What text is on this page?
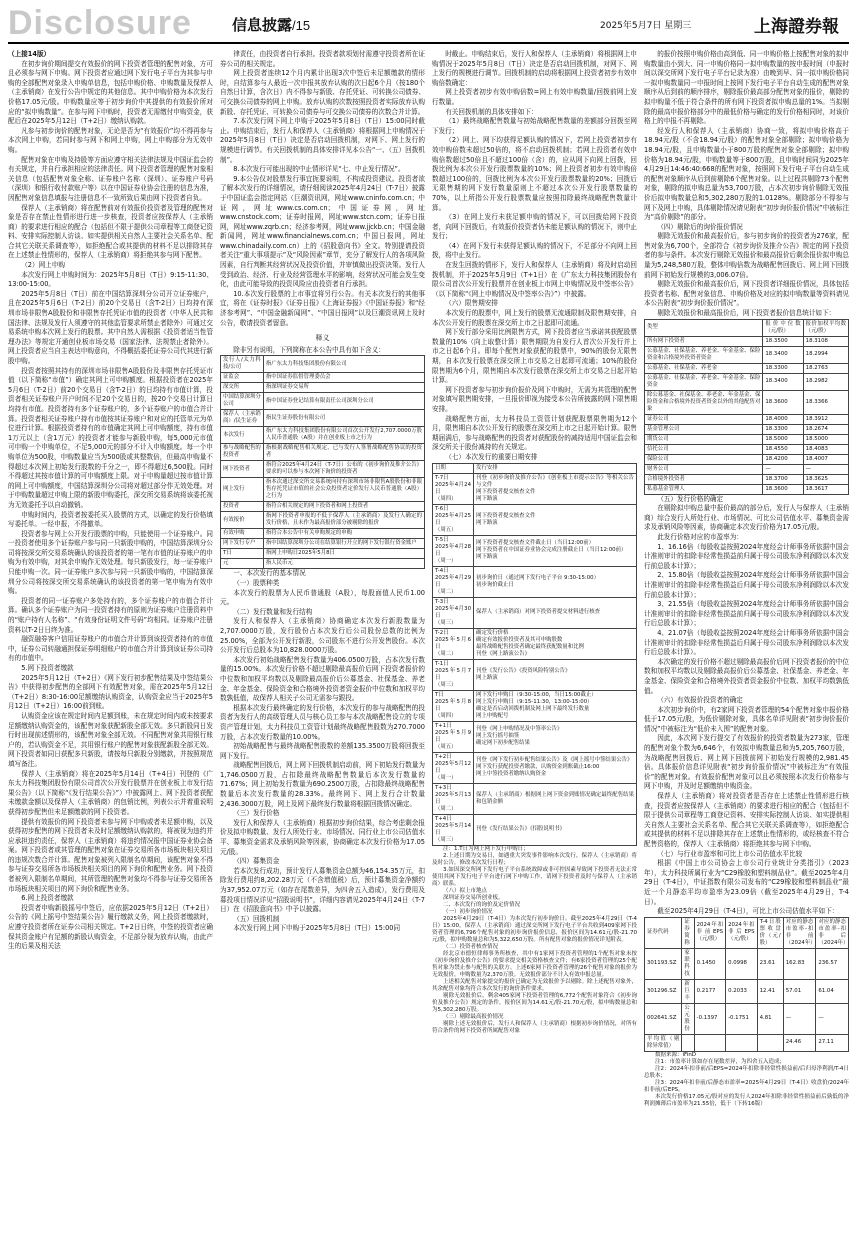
Disclosure	信息披露/15	2025年5月7日 星期三	上海證券報

（上接14版）

在初步询价期间提交有效报价的网下投资者管理的配售对象，方可且必须参与网下申购。网下投资者应通过网下发行电子平台为其参与申购的全部配售对象录入申购单信息，包括申购价格、申购数量及保荐人（主承销商）在发行公告中规定的其他信息。其中申购价格为本次发行价格17.05元/股。申购数量应等于初步询价中其提供的有效报价所对应的“拟申购数量”。在参与网下申购时，投资者无需缴付申购资金，获配后在2025年5月12日（T+2日）缴纳认购款。

凡参与初步询价的配售对象，无论是否为“有效报价”均不得再参与本次网上申购，若同时参与网下和网上申购，网上申购部分为无效申购。

配售对象在申购及持股等方面应遵守相关法律法规及中国证监会的有关规定，并自行承担相应的法律责任。网下投资者管理的配售对象相关信息（包括配售对象全称、证券账户名称（深圳）、证券账户号码（深圳）和银行收付款账户等）以在中国证券业协会注册的信息为准，因配售对象信息填报与注册信息不一致所致后果由网下投资者自负。

保荐人（主承销商）将在配售前对有效报价投资者及管理的配售对象是否存在禁止性情形进行进一步核查，投资者应按保荐人（主承销商）的要求进行相应的配合（包括但不限于提供公司章程等工商登记资料、安排实际控制人访谈、如实提供相关自然人主要社会关系名单、配合其它关联关系调查等），如拒绝配合或其提供的材料不足以排除其存在上述禁止性情形的，保荐人（主承销商）将拒绝其参与网下配售。

（2）网上申购

本次发行网上申购时间为：2025年5月8日（T日）9:15-11:30、13:00-15:00。

2025年5月8日（T日）前在中国结算深圳分公司开立证券账户，且在2025年5月6日（T-2日）前20个交易日（含T-2日）日均持有深圳市场非限售A股股份和非限售存托凭证市值的投资者（中华人民共和国法律、法规及发行人须遵守的其他监管要求所禁止者除外）可通过交易系统申购本次网上发行的股票。其中自然人需根据《投资者适当性管理办法》等规定开通创业板市场交易（国家法律、法规禁止者除外）。网上投资者应当自主表达申购意向，不得概括委托证券公司代其进行新股申购。

投资者按照其持有的深圳市场非限售A股股份及非限售存托凭证市值（以下简称“市值”）确定其网上可申购额度。根据投资者在2025年5月6日（T-2日）前20个交易日（含T-2日）的日均持有市值计算，投资者相关证券账户开户时间不足20个交易日的，按20个交易日计算日均持有市值。投资者持有多个证券账户的，多个证券账户的市值合并计算。投资者相关证券账户持有市值按其证券账户和对应的托管单元为单位进行计算。根据投资者持有的市值确定其网上可申购额度，持有市值1万元以上（含1万元）的投资者才能参与新股申购，每5,000元市值可申购一个申购单位，不足5,000元的部分不计入申购额度。每一个申购单位为500股，申购数量应当为500股或其整数倍，但最高申购量不得超过本次网上初始发行股数的千分之一，即不得超过6,500股。同时不得超过其按市值计算的可申购额度上限。对于申购量超过按市值计算的网上可申购额度，中国结算深圳分公司将对超过部分作无效处理。对于申购数量超过申购上限的新股申购委托，深交所交易系统将该委托视为无效委托予以自动撤销。

申购时间内，投资者按委托买入股票的方式，以确定的发行价格填写委托单。一经申报，不得撤单。

投资者参与网上公开发行股票的申购，只能使用一个证券账户。同一投资者使用多个证券账户参与同一只新股申购的，中国结算深圳分公司将按深交所交易系统确认的该投资者的第一笔有市值的证券账户的申购为有效申购，对其余申购作无效处理。每只新股发行，每一证券账户只能申购一次。同一证券账户多次参与同一只新股申购的，中国结算深圳分公司将按深交所交易系统确认的该投资者的第一笔申购为有效申购。

投资者的同一证券账户多处持有的，多个证券账户的市值合并计算。确认多个证券账户为同一投资者持有的原则为证券账户注册资料中的“账户持有人名称”、“有效身份证明文件号码”均相同。证券账户注册资料以T-2日日终为准。

融资融券客户信用证券账户的市值合并计算到该投资者持有的市值中，证券公司转融通担保证券明细账户的市值合并计算到该证券公司持有的市值中。

5.网下投资者缴款

2025年5月12日（T+2日）《网下发行初步配售结果及中签结果公告》中获得初步配售的全部网下有效配售对象，需在2025年5月12日（T+2日）8:30-16:00足额缴纳认购资金，认购资金应当于2025年5月12日（T+2日）16:00前到账。

认购资金应该在规定时间内足额到账，未在规定时间内或未按要求足额缴纳认购资金的，该配售对象获配新股全部无效。多只新股同日发行时出现前述情形的，该配售对象全部无效。不同配售对象共用银行账户的，若认购资金不足，共用银行账户的配售对象获配新股全部无效。网下投资者如同日获配多只新股，请按每只新股分别缴款，并按照规范填写备注。

保荐人（主承销商）将在2025年5月14日（T+4日）刊登的《广东太力科技集团股份有限公司首次公开发行股票并在创业板上市发行结果公告》（以下简称“《发行结果公告》”）中披露网上、网下投资者获配未缴款金额以及保荐人（主承销商）的包销比例，列表公示并着重说明获得初步配售但未足额缴款的网下投资者。

提供有效报价的网下投资者未参与网下申购或者未足额申购，以及获得初步配售的网下投资者未及时足额缴纳认购款的，将被视为违约并应承担违约责任，保荐人（主承销商）将违约情况报中国证券业协会备案。网下投资者或其管理的配售对象在证券交易所各市场板块相关项目的违规次数合并计算。配售对象被列入限制名单期间，该配售对象不得参与证券交易所各市场板块相关项目的网下询价和配售业务。网下投资者被列入限制名单期间，其所管理的配售对象均不得参与证券交易所各市场板块相关项目的网下询价和配售业务。

6.网上投资者缴款

投资者申购新股摇号中签后，应依据2025年5月12日（T+2日）公告的《网上摇号中签结果公告》履行缴款义务，网上投资者缴款时，应遵守投资者所在证券公司相关规定。T+2日日终，中签的投资者应确保其资金账户有足额的新股认购资金，不足部分视为放弃认购，由此产生的后果及相关法

律责任，由投资者自行承担。投资者款项划付需遵守投资者所在证券公司的相关规定。

网上投资者连续12个月内累计出现3次中签后未足额缴款的情形时，自结算参与人最近一次申报其放弃认购的次日起6个月（按180个自然日计算，含次日）内不得参与新股、存托凭证、可转换公司债券、可交换公司债券的网上申购。放弃认购的次数按照投资者实际放弃认购新股、存托凭证、可转换公司债券与可交换公司债券的次数合并计算。

7.本次发行网下网上申购于2025年5月8日（T日）15:00同时截止。申购结束后，发行人和保荐人（主承销商）将根据网上申购情况于2025年5月8日（T日）决定是否启动回拨机制，对网下、网上发行的规模进行调节。有关回拨机制的具体安排详见本公告“一、（五）回拨机制”。

8.本次发行可能出现的中止情形详见“七、中止发行情况”。

9.本公告仅对股票发行事宜扼要说明，不构成投资建议。投资者欲了解本次发行的详细情况，请仔细阅读2025年4月24日（T-7日）披露于中国证监会指定网站（巨潮资讯网，网址www.cninfo.com.cn；中证网，网址www.cs.com.cn；中国证券网，网址www.cnstock.com；证券时报网，网址www.stcn.com；证券日报网，网址www.zqrb.cn；经济参考网，网址www.jjckb.cn；中国金融新闻网，网址www.financialnews.com.cn；中国日报网，网址www.chinadaily.com.cn）上的《招股意向书》全文。特别提请投资者关注“重大事项提示”及“风险因素”章节，充分了解发行人的各项风险因素，自行判断其经营状况及投资价值，并审慎做出投资决策。发行人受到政治、经济、行业及经营管理水平的影响，经营状况可能会发生变化，由此可能导致的投资风险应由投资者自行承担。

10.本次发行股票的上市事宜将另行公告。有关本次发行的其他事宜，将在《证券时报》《证券日报》《上海证券报》《中国证券报》和“经济参考网”、“中国金融新闻网”、“中国日报网”以及巨潮资讯网上及时公告，敬请投资者留意。

释义

除非另有说明，下列简称在本公告中具有如下含义：

发行人/太力科技/公司	指广东太力科技集团股份有限公司
证监会	指中国证券监督管理委员会
深交所	指深圳证券交易所
中国结算深圳分公司	指中国证券登记结算有限责任公司深圳分公司
保荐人（主承销商）/民生证券	指民生证券股份有限公司
本次发行	指广东太力科技集团股份有限公司首次公开发行2,707.0000万股人民币普通股（A股）并在创业板上市之行为
参与战略配售的投资者	指根据战略配售相关规定，已与发行人签署战略配售协议的投资者
网下投资者	指符合2025年4月24日（T-7日）公布的《初步询价及推介公告》要求的可以参与本次网下询价的投资者
网上发行	指本次通过深交所交易系统向持有深圳市场非限售A股股份和非限售存托凭证市值的社会公众投资者定价发行人民币普通股（A股）之行为
投资者	指符合相关规定的网下投资者和网上投资者
有效报价	指网下投资者申报的不低于保荐人（主承销商）及发行人确定的发行价格，且未作为最高报价部分被剔除的报价
有效申购	指符合本公告中有关申购规定的申购
网下发行专户	指中国结算深圳分公司在结算银行开立的网下发行银行资金账户
T日	指网上申购日2025年5月8日
元	指人民币元

一、本次发行的基本情况

（一）股票种类

本次发行的股票为人民币普通股（A股），每股面值人民币1.00元。

（二）发行数量和发行结构

发行人和保荐人（主承销商）协商确定本次发行新股数量为2,707.0000万股，发行股份占本次发行后公司股份总数的比例为25.00%，全部为公开发行新股，公司股东不进行公开发售股份。本次公开发行后总股本为10,828.0000万股。

本次发行初始战略配售发行数量为406.0500万股，占本次发行数量的15.00%。本次发行价格不超过剔除最高报价后网下投资者报价的中位数和加权平均数以及剔除最高报价后公募基金、社保基金、养老金、年金基金、保险资金和合格境外投资者资金报价中位数和加权平均数孰低值，故保荐人相关子公司无需参与跟投。

根据本次发行最终确定的发行价格，本次发行的参与战略配售的投资者为发行人的高级管理人员与核心员工参与本次战略配售设立的专项资产管理计划，太力科技员工资管计划最终战略配售股数为270.7000万股，占本次发行数量的10.00%。

初始战略配售与最终战略配售股数的差额135.3500万股将回拨至网下发行。

战略配售回拨后，网上网下回拨机制启动前，网下初始发行数量为1,746.0500万股，占扣除最终战略配售数量后本次发行数量的71.67%；网上初始发行数量为690.2500万股，占扣除最终战略配售数量后本次发行数量的28.33%。最终网下、网上发行合计数量2,436.3000万股，网上及网下最终发行数量将根据回拨情况确定。

（三）发行价格

发行人和保荐人（主承销商）根据初步询价结果，综合考虑剩余报价及拟申购数量、发行人所处行业、市场情况、同行业上市公司估值水平、募集资金需求及承销风险等因素，协商确定本次发行价格为17.05元/股。

（四）募集资金

若本次发行成功，预计发行人募集资金总额为46,154.35万元，扣除发行费用约8,202.28万元（不含增值税）后，预计募集资金净额约为37,952.07万元（如存在尾数差异，为四舍五入造成），发行费用及募投项目情况详见“招股说明书”，详细内容请见2025年4月24日（T-7日）在《招股意向书》中予以披露。

（五）回拨机制

本次发行网上网下申购于2025年5月8日（T日）15:00同

时截止。申购结束后，发行人和保荐人（主承销商）将根据网上申购情况于2025年5月8日（T日）决定是否启动回拨机制，对网下、网上发行的规模进行调节。回拨机制的启动将根据网上投资者初步有效申购倍数确定：

网上投资者初步有效申购倍数=网上有效申购数量/回拨前网上发行数量。

有关回拨机制的具体安排如下：

（1）最终战略配售数量与初始战略配售数量的差额部分回拨至网下发行；

（2）网上、网下均获得足额认购的情况下，若网上投资者初步有效申购倍数未超过50倍的，将不启动回拨机制；若网上投资者有效申购倍数超过50倍且不超过100倍（含）的，应从网下向网上回拨，回拨比例为本次公开发行股票数量的10%；网上投资者初步有效申购倍数超过100倍的，回拨比例为本次公开发行股票数量的20%；回拨后无限售期的网下发行数量原则上不超过本次公开发行股票数量的70%，以上所指公开发行股票数量应按照扣除最终战略配售数量计算。

（3）在网上发行未获足额申购的情况下，可以回拨给网下投资者，向网下回拨后，有效报价投资者仍未能足额认购的情况下，则中止发行；

（4）在网下发行未获得足额认购的情况下，不足部分不向网上回拨，将中止发行。

在发生回拨的情形下，发行人和保荐人（主承销商）将及时启动回拨机制，并于2025年5月9日（T+1日）在《广东太力科技集团股份有限公司首次公开发行股票并在创业板上市网上申购情况及中签率公告》（以下简称“《网上申购情况及中签率公告》”）中披露。

（六）限售期安排

本次发行的股票中，网上发行的股票无流通限制及限售期安排，自本次公开发行的股票在深交所上市之日起即可流通。

网下发行部分采用比例限售方式，网下投资者应当承诺其获配股票数量的10%（向上取整计算）限售期限为自发行人首次公开发行并上市之日起6个月。即每个配售对象获配的股票中，90%的股份无限售期，自本次发行股票在深交所上市交易之日起即可流通；10%的股份限售期为6个月，限售期自本次发行股票在深交所上市交易之日起开始计算。

网下投资者参与初步询价报价及网下申购时，无需为其管理的配售对象填写限售期安排，一旦报价即视为接受本公告所披露的网下限售期安排。

战略配售方面，太力科技员工资管计划获配股票限售期为12个月，限售期自本次公开发行的股票在深交所上市之日起开始计算。限售期届满后，参与战略配售的投资者对获配股份的减持适用中国证监会和深交所关于股份减持的有关规定。

（七）本次发行的重要日期安排

日期	发行安排
T-7日
2025年4月24日
（周四）	刊登《初步询价及推介公告》《创业板上市提示公告》等相关公告与文件
网下投资者提交核查文件
网下路演
T-6日
2025年4月25日
（周五）	网下投资者提交核查文件
网下路演
T-5日
2025年4月28日
（周一）	网下投资者提交核查文件截止日（当日12:00前）
网下投资者在中国证券业协会完成注册截止日（当日12:00前）
网下路演
T-4日
2025年4月29日
（周二）	初步询价日（通过网下发行电子平台 9:30-15:00）
初步询价截止日
T-3日
2025年4月30日
（周三）	保荐人（主承销商）对网下投资者提交材料进行核查
T-2日
2025年5月6日
（周二）	确定发行价格
确定有效报价投资者及其可申购股数
最终战略配售投资者确定最终获配数量和比例
刊登《网上路演公告》
T-1日
2025年5月7日
（周三）	刊登《发行公告》《投资风险特别公告》
网上路演
T日
2025年5月8日
（周四）	网下发行申购日（9:30-15:00，当日15:00截止）
网上发行申购日（9:15-11:30，13:00-15:00）
确定是否启动回拨机制及网上网下最终发行数量
网上申购配号
T+1日
2025年5月9日
（周五）	刊登《网上申购情况及中签率公告》
网上发行摇号抽签
确定网下初步配售结果
T+2日
2025年5月12日
（周一）	刊登《网下发行初步配售结果公告》及《网上摇号中签结果公告》
网下发行获配投资者缴款，认购资金到账截止16:00
网上中签投资者缴纳认购资金
T+3日
2025年5月13日
（周二）	保荐人（主承销商）根据网上网下资金到账情况确定最终配售结果和包销金额
T+4日
2025年5月14日
（周三）	刊登《发行结果公告》《招股说明书》

注：1.T日为网上网下发行申购日；

2.上述日期为交易日，如遇重大突发事件影响本次发行，保荐人（主承销商）将及时公告，修改本次发行日程；

3.如因深交所网下发行电子平台系统故障或非可控因素导致网下投资者无法正常使用其网下发行电子平台进行网下申购工作，请网下投资者及时与保荐人（主承销商）联系。

（八）拟上市地点

深圳证券交易所创业板。

二、本次发行的询价及定价情况

（一）初步询价情况

2025年4月29日（T-4日）为本次发行初步询价日。截至2025年4月29日（T-4日）15:00，保荐人（主承销商）通过深交所网下发行电子平台共收到409家网下投资者管理的6,796个配售对象的初步询价报价信息，报价区间为14.61元/股-21.70元/股，拟申购数量总和为5,322,650万股。所有配售对象的报价情况详见附表。

（二）投资者核查情况

经北京市德恒律师事务所核查，其中有1家网下投资者管理的1个配售对象未按《初步询价及推介公告》的要求提交相关资格核查文件；有6家投资者管理的25个配售对象为禁止参与配售的关联方。上述6家网下投资者管理的26个配售对象的报价为无效报价，申购数量为2,370万股。无效报价部分不计入有效申报总量。

上述相关配售对象提交的报价已确定为无效报价予以剔除。除上述配售对象外，其余配售对象均符合本次发行的询价条件要求。

剔除无效报价后，剩余405家网下投资者管理的6,772个配售对象符合《初步询价及推介公告》规定的条件，报价区间为14.61元/股-21.70元/股，拟申购数量总和为5,302,280万股。

（三）剔除最高报价情况

剔除上述无效报价后，发行人和保荐人（主承销商）根据初步询价情况，对所有符合条件的网下投资者所属配售对象

的报价按照申购价格由高到低、同一申购价格上按配售对象的拟申购数量由小到大、同一申购价格同一拟申购数量的按申报时间（申报时间以深交所网下发行电子平台记录为准）由晚到早、同一拟申购价格同一拟申购数量同一申报时间上按网下发行电子平台自动生成的配售对象顺序从后到前的顺序排序，剔除报价最高部分配售对象的报价，剔除的拟申购量不低于符合条件的所有网下投资者拟申购总量的1%。当拟剔除的最高申报价格部分中的最低价格与确定的发行价格相同时，对该价格上的申报不再剔除。

经发行人和保荐人（主承销商）协商一致，将拟申购价格高于18.94元/股（不含18.94元/股）的配售对象全部剔除；拟申购价格为18.94元/股，且申购数量小于800万股的配售对象全部剔除；拟申购价格为18.94元/股，申购数量等于800万股，且申购时间同为2025年4月29日14:46:40:668的配售对象，按照网下发行电子平台自动生成的配售对象顺序从后到前剔除6个配售对象。以上过程共剔除73个配售对象，剔除的拟申购总量为53,700万股，占本次初步询价剔除无效报价后拟申购数量总和5,302,280万股的1.0128%。剔除部分不得参与网下及网上申购，具体剔除情况请见附表“初步询价报价情况”中被标注为“高价剔除”的部分。

（四）剔除后的询价报价情况

剔除无效报价和最高报价后，参与初步询价的投资者为276家，配售对象为6,700个，全部符合《初步询价及推介公告》规定的网下投资者的参与条件。本次发行剔除无效报价和最高报价后剩余报价拟申购总量为5,248,580万股，整体申购倍数为战略配售回拨后、网上网下回拨前网下初始发行规模的3,006.07倍。

剔除无效报价和最高报价后，网下投资者详细报价情况，具体包括投资者名称、配售对象信息、申购价格及对应的拟申购数量等资料请见本公告附表“初步询价报价情况”。

剔除无效报价和最高报价后，网下投资者报价信息统计如下：

类型	报价中位数（元/股）	报价加权平均数（元/股）
所有网下投资者	18.3500	18.3108
公募基金、社保基金、养老金、年金基金、保险资金和合格境外投资者资金	18.3400	18.2994
公募基金、社保基金、养老金	18.3300	18.2763
公募基金、社保基金、养老金、年金基金、保险资金	18.3400	18.2982
除公募基金、社保基金、养老金、年金基金、保险资金和合格境外投资者资金以外的其他配售对象	18.3600	18.3366
证券公司	18.4000	18.3912
基金管理公司	18.3300	18.2674
期货公司	18.5000	18.5000
信托公司	18.4550	18.4083
保险公司	18.4200	18.4007
财务公司	—	—
合格境外投资者	18.3700	18.3625
私募基金管理人	18.3600	18.3617

（五）发行价格的确定

在剔除拟申购总量中报价最高的部分后，发行人与保荐人（主承销商）综合发行人所处行业、市场情况、可比公司估值水平、募集资金需求及承销风险等因素，协商确定本次发行价格为17.05元/股。

此发行价格对应的市盈率为：

1、16.16倍（每股收益按照2024年度经会计师事务所依据中国会计准则审计的扣除非经常性损益前归属于母公司股东净利润除以本次发行前总股本计算）；

2、15.80倍（每股收益按照2024年度经会计师事务所依据中国会计准则审计的扣除非经常性损益后归属于母公司股东净利润除以本次发行前总股本计算）；

3、21.55倍（每股收益按照2024年度经会计师事务所依据中国会计准则审计的扣除非经常性损益前归属于母公司股东净利润除以本次发行后总股本计算）；

4、21.07倍（每股收益按照2024年度经会计师事务所依据中国会计准则审计的扣除非经常性损益后归属于母公司股东净利润除以本次发行后总股本计算）。

本次确定的发行价格不超过剔除最高报价后网下投资者报价的中位数和加权平均数以及剔除最高报价后公募基金、社保基金、养老金、年金基金、保险资金和合格境外投资者资金报价中位数、加权平均数孰低值。

（六）有效报价投资者的确定

本次初步询价中，有2家网下投资者管理的54个配售对象申报价格低于17.05元/股，为低价剔除对象，具体名单详见附表“初步询价报价情况”中被标注为“低价未入围”的配售对象。

因此，本次网下发行提交了有效报价的投资者数量为273家，管理的配售对象个数为6,646个，有效拟申购数量总和为5,205,760万股，为战略配售回拨后、网上网下回拨前网下初始发行规模的2,981.45倍。具体报价信息详见附表“初步询价报价情况”中被标注为“有效报价”的配售对象。有效报价配售对象可以且必须按照本次发行价格参与网下申购，并及时足额缴纳申购资金。

保荐人（主承销商）将对投资者是否存在上述禁止性情形进行核查，投资者应按保荐人（主承销商）的要求进行相应的配合（包括但不限于提供公司章程等工商登记资料、安排实际控制人访谈、如实提供相关自然人主要社会关系名单、配合其它关联关系调查等），如拒绝配合或其提供的材料不足以排除其存在上述禁止性情形的，或经核查不符合配售资格的，保荐人（主承销商）将拒绝其参与网下申购。

（七）与行业市盈率和可比上市公司估值水平比较

根据《中国上市公司协会上市公司行业统计分类指引》（2023年），太力科技所属行业为“C29橡胶和塑料制品业”。截至2025年4月29日（T-4日），中证指数有限公司发布的“C29橡胶和塑料制品业”最近一个月静态平均市盈率为23.09倍（截至2025年4月29日，T-4日）。

截至2025年4月29日（T-4日），可比上市公司估值水平如下：

证券代码	证券简称	2024年扣非前EPS（元/股）	2024年扣非后EPS（元/股）	T-4日股票收盘价（元/股）	对应的静态市盈率-扣非前（2024年）	对应的静态市盈率-扣非后（2024年）
301193.SZ	家联科技	0.1450	0.0998	23.61	162.83	236.57
301296.SZ	新巨丰	0.2177	0.2033	12.41	57.01	61.04
002641.SZ	公元股份	-0.1397	-0.1751	4.81	—	—
平均值（剔除异常值）					24.46	27.11

数据来源：iFinD

注1：市盈率计算如存在尾数差异，为四舍五入造成；

注2：2024年扣非前/后EPS=2024年扣除非经常性损益前/后归母净利润/T-4日总股本；

注3：2024年扣非前/后静态市盈率=2025年4月29日（T-4日）收盘价/2024年扣非前/后EPS。

本次发行价格17.05元/股对应的发行人2024年扣除非经常性损益前后孰低的净利润摊薄后市盈率为21.55倍，低于（下转16版）
